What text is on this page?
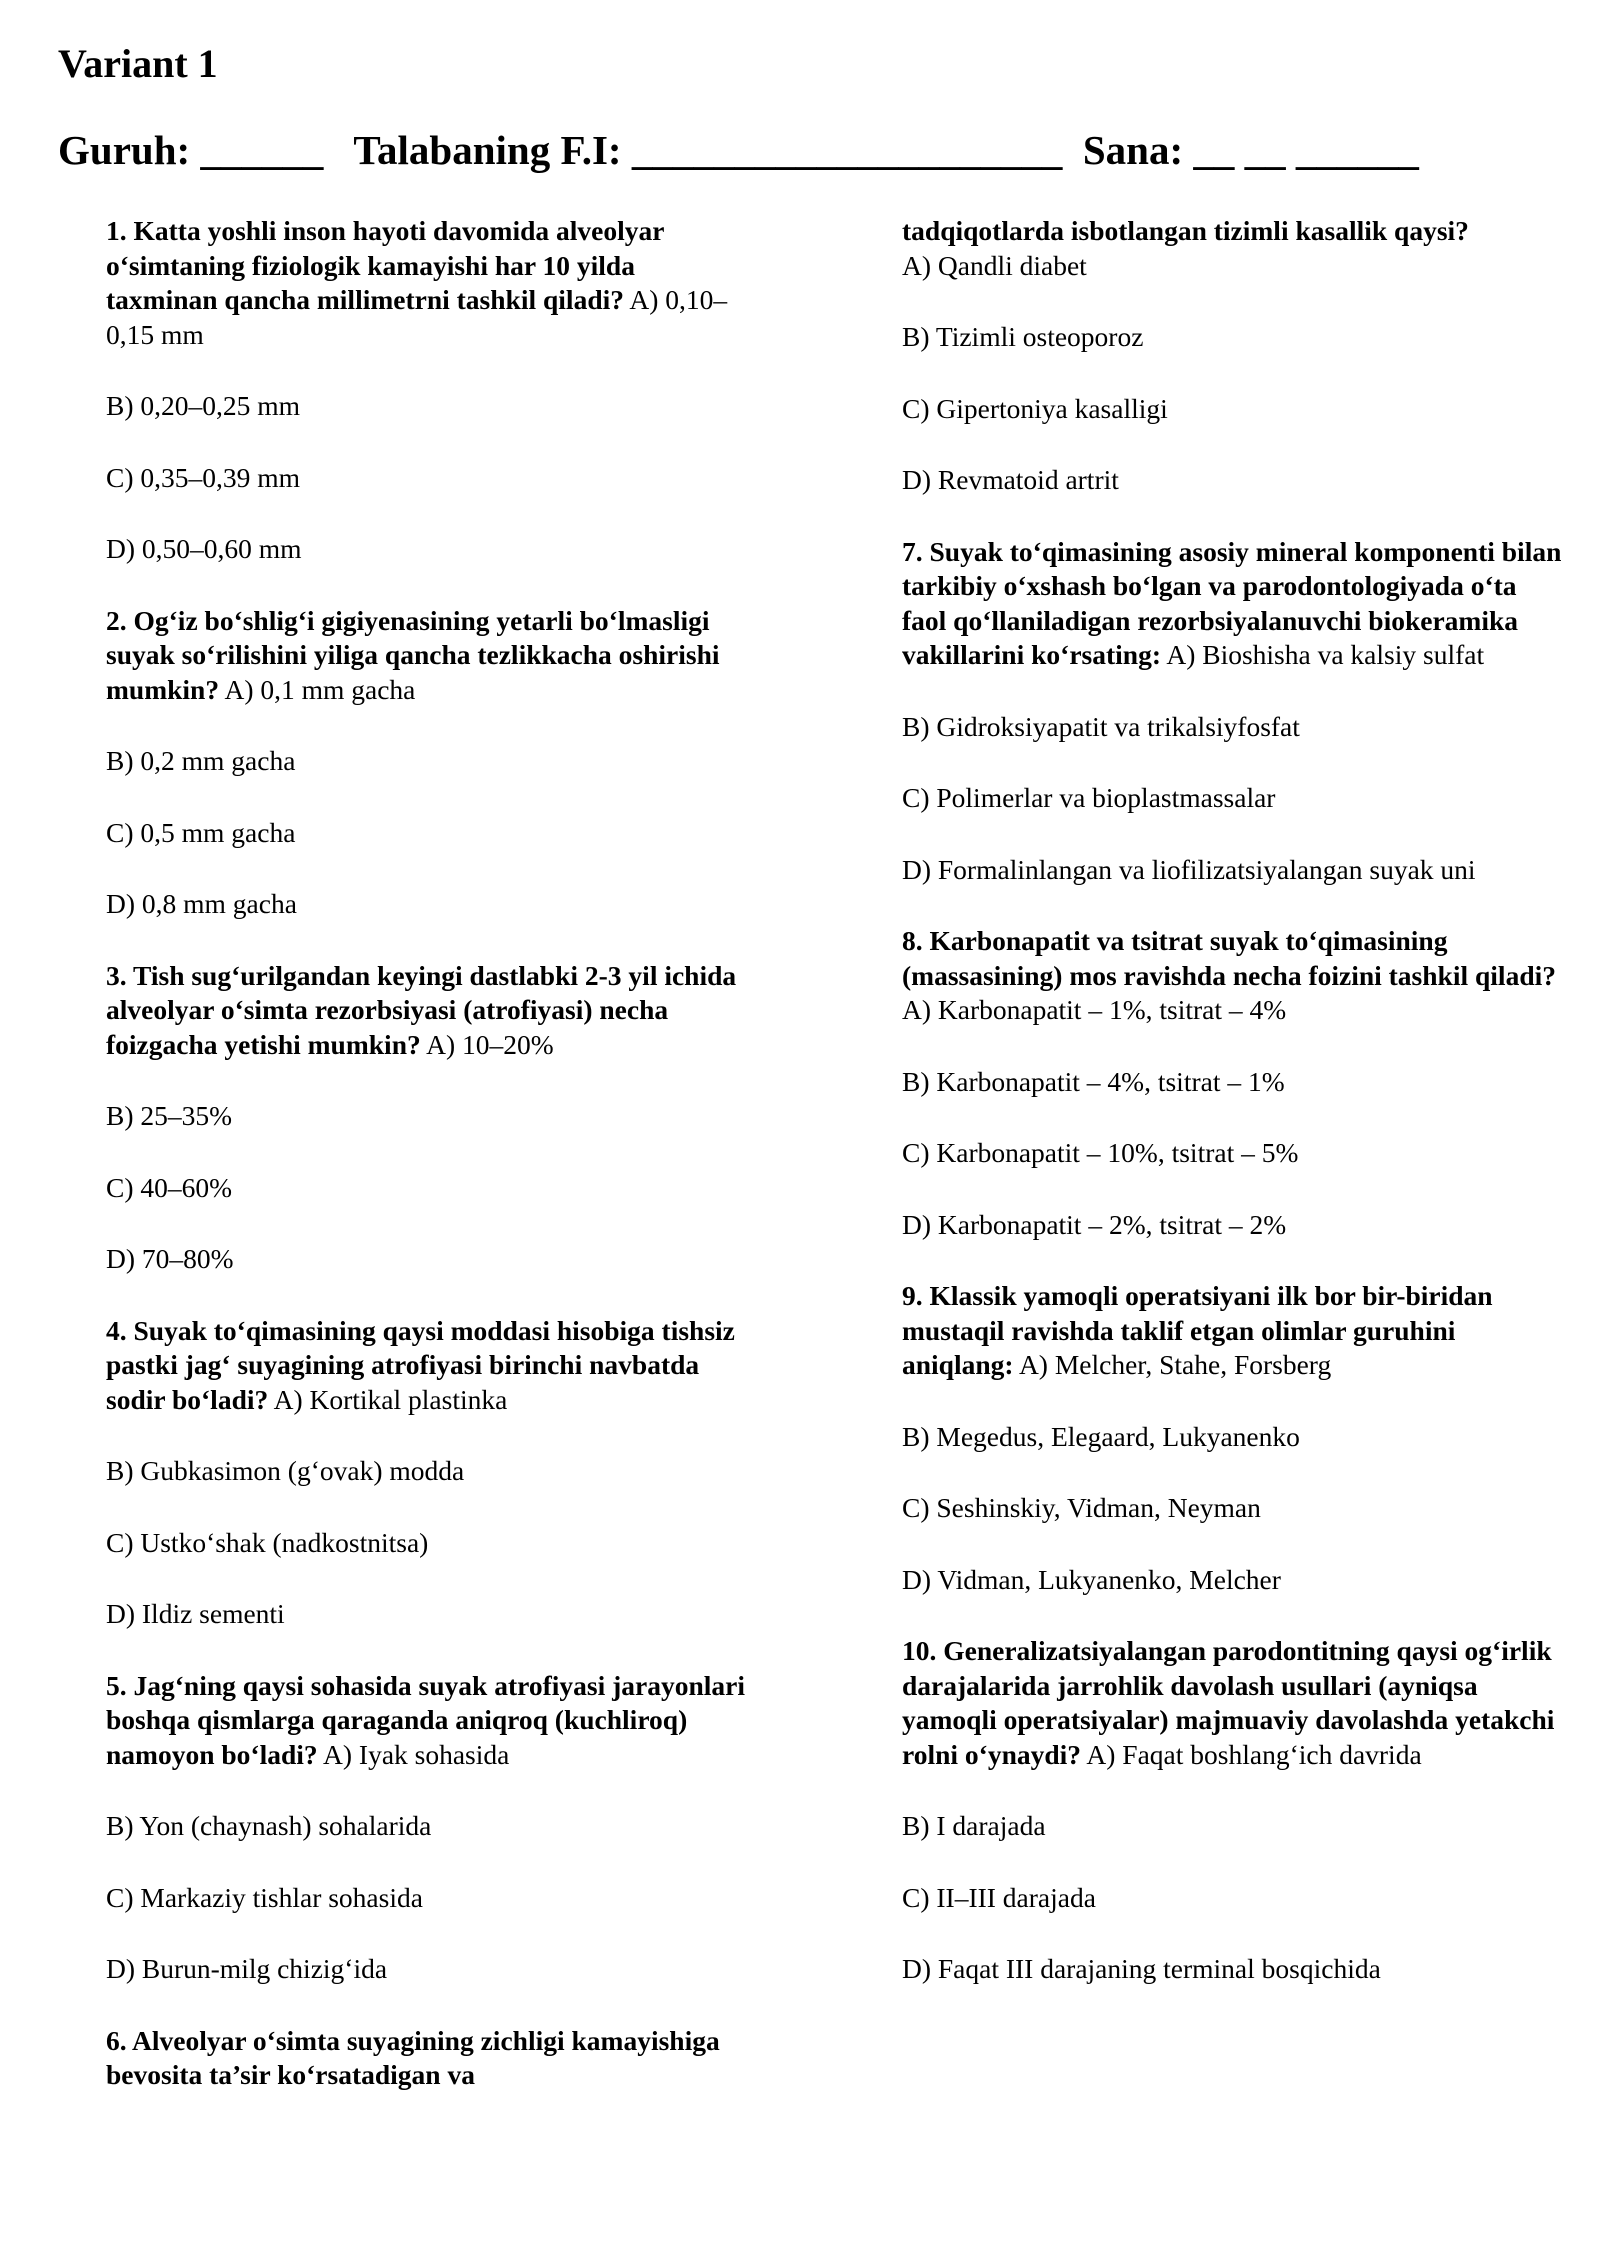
Variant 1
Guruh: ______ Talabaning F.I: _____________________ Sana: __ __ ______

1. Katta yoshli inson hayoti davomida alveolyar o‘simtaning fiziologik kamayishi har 10 yilda taxminan qancha millimetrni tashkil qiladi? A) 0,10–0,15 mm

B) 0,20–0,25 mm

C) 0,35–0,39 mm

D) 0,50–0,60 mm

2. Og‘iz bo‘shlig‘i gigiyenasining yetarli bo‘lmasligi suyak so‘rilishini yiliga qancha tezlikkacha oshirishi mumkin? A) 0,1 mm gacha

B) 0,2 mm gacha

C) 0,5 mm gacha

D) 0,8 mm gacha

3. Tish sug‘urilgandan keyingi dastlabki 2-3 yil ichida alveolyar o‘simta rezorbsiyasi (atrofiyasi) necha foizgacha yetishi mumkin? A) 10–20%

B) 25–35%

C) 40–60%

D) 70–80%

4. Suyak to‘qimasining qaysi moddasi hisobiga tishsiz pastki jag‘ suyagining atrofiyasi birinchi navbatda sodir bo‘ladi? A) Kortikal plastinka

B) Gubkasimon (g‘ovak) modda

C) Ustko‘shak (nadkostnitsa)

D) Ildiz sementi

5. Jag‘ning qaysi sohasida suyak atrofiyasi jarayonlari boshqa qismlarga qaraganda aniqroq (kuchliroq) namoyon bo‘ladi? A) Iyak sohasida

B) Yon (chaynash) sohalarida

C) Markaziy tishlar sohasida

D) Burun-milg chizig‘ida

6. Alveolyar o‘simta suyagining zichligi kamayishiga bevosita ta’sir ko‘rsatadigan va

tadqiqotlarda isbotlangan tizimli kasallik qaysi?

A) Qandli diabet

B) Tizimli osteoporoz

C) Gipertoniya kasalligi

D) Revmatoid artrit

7. Suyak to‘qimasining asosiy mineral komponenti bilan tarkibiy o‘xshash bo‘lgan va parodontologiyada o‘ta faol qo‘llaniladigan rezorbsiyalanuvchi biokeramika vakillarini ko‘rsating: A) Bioshisha va kalsiy sulfat

B) Gidroksiyapatit va trikalsiyfosfat

C) Polimerlar va bioplastmassalar

D) Formalinlangan va liofilizatsiyalangan suyak uni

8. Karbonapatit va tsitrat suyak to‘qimasining (massasining) mos ravishda necha foizini tashkil qiladi? A) Karbonapatit – 1%, tsitrat – 4%

B) Karbonapatit – 4%, tsitrat – 1%

C) Karbonapatit – 10%, tsitrat – 5%

D) Karbonapatit – 2%, tsitrat – 2%

9. Klassik yamoqli operatsiyani ilk bor bir-biridan mustaqil ravishda taklif etgan olimlar guruhini aniqlang: A) Melcher, Stahe, Forsberg

B) Megedus, Elegaard, Lukyanenko

C) Seshinskiy, Vidman, Neyman

D) Vidman, Lukyanenko, Melcher

10. Generalizatsiyalangan parodontitning qaysi og‘irlik darajalarida jarrohlik davolash usullari (ayniqsa yamoqli operatsiyalar) majmuaviy davolashda yetakchi rolni o‘ynaydi? A) Faqat boshlang‘ich davrida

B) I darajada

C) II–III darajada

D) Faqat III darajaning terminal bosqichida
